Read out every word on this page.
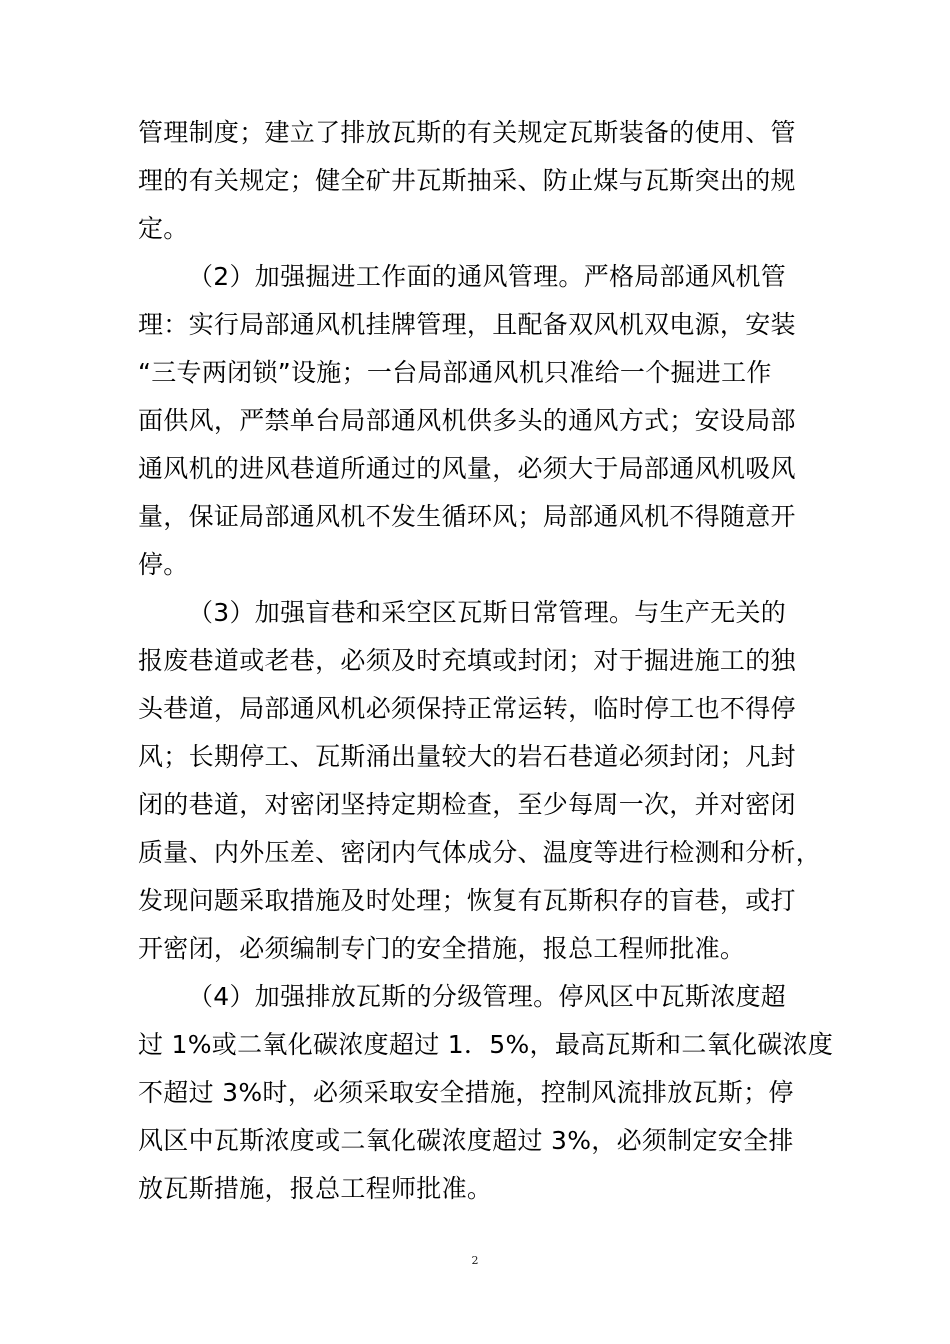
管理制度；建立了排放瓦斯的有关规定瓦斯装备的使用、管
理的有关规定；健全矿井瓦斯抽采、防止煤与瓦斯突出的规
定。
（2）加强掘进工作面的通风管理。严格局部通风机管
理：实行局部通风机挂牌管理，且配备双风机双电源，安装
“三专两闭锁”设施；一台局部通风机只准给一个掘进工作
面供风，严禁单台局部通风机供多头的通风方式；安设局部
通风机的进风巷道所通过的风量，必须大于局部通风机吸风
量，保证局部通风机不发生循环风；局部通风机不得随意开
停。
（3）加强盲巷和采空区瓦斯日常管理。与生产无关的
报废巷道或老巷，必须及时充填或封闭；对于掘进施工的独
头巷道，局部通风机必须保持正常运转，临时停工也不得停
风；长期停工、瓦斯涌出量较大的岩石巷道必须封闭；凡封
闭的巷道，对密闭坚持定期检查，至少每周一次，并对密闭
质量、内外压差、密闭内气体成分、温度等进行检测和分析，
发现问题采取措施及时处理；恢复有瓦斯积存的盲巷，或打
开密闭，必须编制专门的安全措施，报总工程师批准。
（4）加强排放瓦斯的分级管理。停风区中瓦斯浓度超
过 1%或二氧化碳浓度超过 1．5%，最高瓦斯和二氧化碳浓度
不超过 3%时，必须采取安全措施，控制风流排放瓦斯；停
风区中瓦斯浓度或二氧化碳浓度超过 3%，必须制定安全排
放瓦斯措施，报总工程师批准。
2
